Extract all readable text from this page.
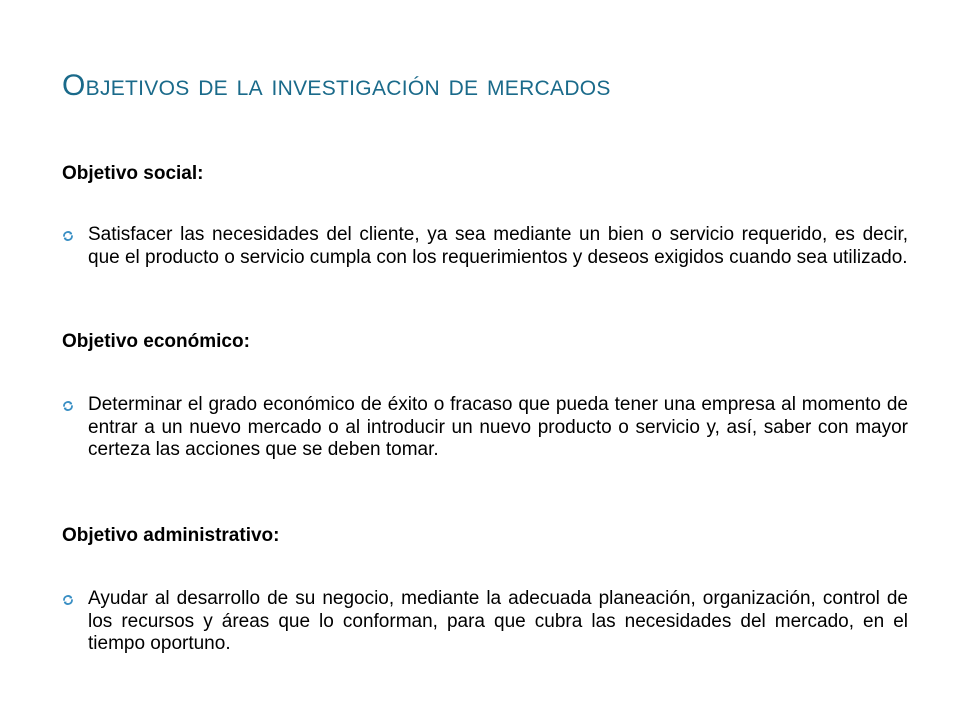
Objetivos de la investigación de mercados

Objetivo social:

Satisfacer las necesidades del cliente, ya sea mediante un bien o servicio requerido, es decir, que el producto o servicio cumpla con los requerimientos y deseos exigidos cuando sea utilizado.

Objetivo económico:

Determinar el grado económico de éxito o fracaso que pueda tener una empresa al momento de entrar a un nuevo mercado o al introducir un nuevo producto o servicio y, así, saber con mayor certeza las acciones que se deben tomar.

Objetivo administrativo:

Ayudar al desarrollo de su negocio, mediante la adecuada planeación, organización, control de los recursos y áreas que lo conforman, para que cubra las necesidades del mercado, en el tiempo oportuno.
